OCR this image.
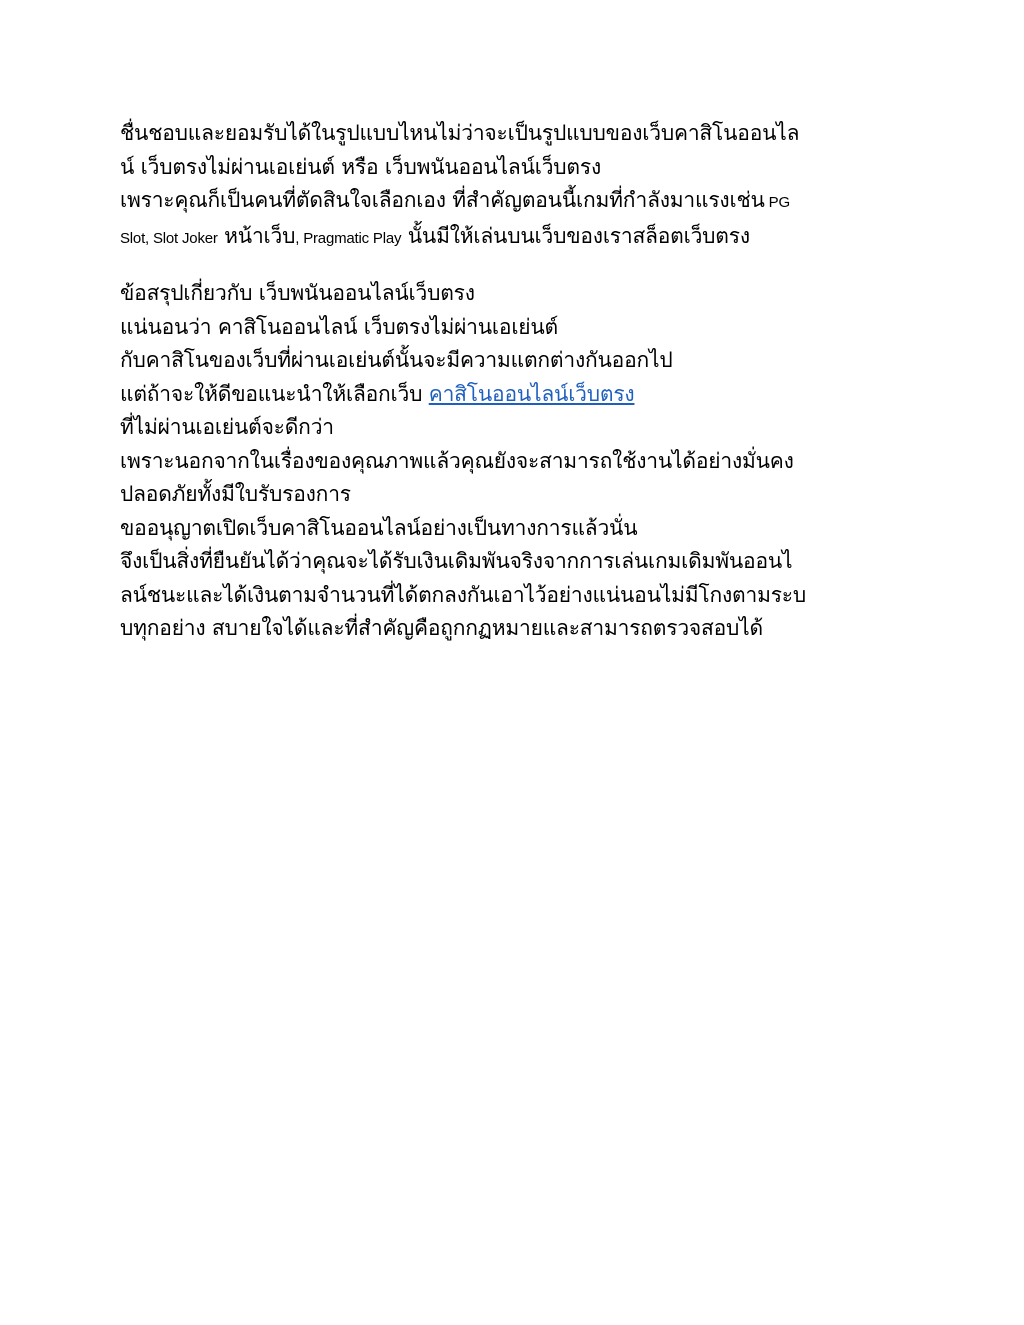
ชื่นชอบและยอมรับได้ในรูปแบบไหนไม่ว่าจะเป็นรูปแบบของเว็บคาสิโนออนไล
น์ เว็บตรงไม่ผ่านเอเย่นต์ หรือ เว็บพนันออนไลน์เว็บตรง
เพราะคุณก็เป็นคนที่ตัดสินใจเลือกเอง ที่สำคัญตอนนี้เกมที่กำลังมาแรงเช่น PG
Slot, Slot Joker หน้าเว็บ, Pragmatic Play นั้นมีให้เล่นบนเว็บของเราสล็อตเว็บตรง

ข้อสรุปเกี่ยวกับ เว็บพนันออนไลน์เว็บตรง
แน่นอนว่า คาสิโนออนไลน์ เว็บตรงไม่ผ่านเอเย่นต์
กับคาสิโนของเว็บที่ผ่านเอเย่นต์นั้นจะมีความแตกต่างกันออกไป
แต่ถ้าจะให้ดีขอแนะนำให้เลือกเว็บ คาสิโนออนไลน์เว็บตรง
ที่ไม่ผ่านเอเย่นต์จะดีกว่า
เพราะนอกจากในเรื่องของคุณภาพแล้วคุณยังจะสามารถใช้งานได้อย่างมั่นคง
ปลอดภัยทั้งมีใบรับรองการ
ขออนุญาตเปิดเว็บคาสิโนออนไลน์อย่างเป็นทางการแล้วนั่น
จึงเป็นสิ่งที่ยืนยันได้ว่าคุณจะได้รับเงินเดิมพันจริงจากการเล่นเกมเดิมพันออนไ
ลน์ชนะและได้เงินตามจำนวนที่ได้ตกลงกันเอาไว้อย่างแน่นอนไม่มีโกงตามระบ
บทุกอย่าง สบายใจได้และที่สำคัญคือถูกกฏหมายและสามารถตรวจสอบได้
